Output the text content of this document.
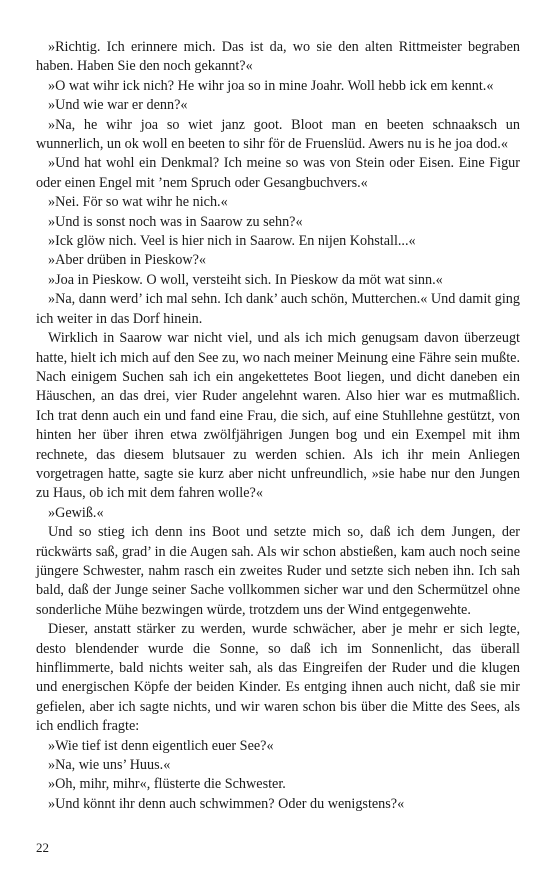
»Richtig. Ich erinnere mich. Das ist da, wo sie den alten Rittmeister begraben haben. Haben Sie den noch gekannt?«

»O wat wihr ick nich? He wihr joa so in mine Joahr. Woll hebb ick em kennt.«

»Und wie war er denn?«

»Na, he wihr joa so wiet janz goot. Bloot man en beeten schnaaksch un wunnerlich, un ok woll en beeten to sihr för de Fruenslüd. Awers nu is he joa dod.«

»Und hat wohl ein Denkmal? Ich meine so was von Stein oder Eisen. Eine Figur oder einen Engel mit ’nem Spruch oder Gesangbuchvers.«

»Nei. För so wat wihr he nich.«

»Und is sonst noch was in Saarow zu sehn?«

»Ick glöw nich. Veel is hier nich in Saarow. En nijen Kohstall...«

»Aber drüben in Pieskow?«

»Joa in Pieskow. O woll, versteiht sich. In Pieskow da möt wat sinn.«

»Na, dann werd’ ich mal sehn. Ich dank’ auch schön, Mutterchen.« Und damit ging ich weiter in das Dorf hinein.

Wirklich in Saarow war nicht viel, und als ich mich genugsam davon überzeugt hatte, hielt ich mich auf den See zu, wo nach meiner Meinung eine Fähre sein mußte. Nach einigem Suchen sah ich ein angekettetes Boot liegen, und dicht daneben ein Häuschen, an das drei, vier Ruder angelehnt waren. Also hier war es mutmaßlich. Ich trat denn auch ein und fand eine Frau, die sich, auf eine Stuhllehne gestützt, von hinten her über ihren etwa zwölfjährigen Jungen bog und ein Exempel mit ihm rechnete, das diesem blutsauer zu werden schien. Als ich ihr mein Anliegen vorgetragen hatte, sagte sie kurz aber nicht unfreundlich, »sie habe nur den Jungen zu Haus, ob ich mit dem fahren wolle?«

»Gewiß.«

Und so stieg ich denn ins Boot und setzte mich so, daß ich dem Jungen, der rückwärts saß, grad’ in die Augen sah. Als wir schon abstießen, kam auch noch seine jüngere Schwester, nahm rasch ein zweites Ruder und setzte sich neben ihn. Ich sah bald, daß der Junge seiner Sache vollkommen sicher war und den Schermützel ohne sonderliche Mühe bezwingen würde, trotzdem uns der Wind entgegenwehte.

Dieser, anstatt stärker zu werden, wurde schwächer, aber je mehr er sich legte, desto blendender wurde die Sonne, so daß ich im Sonnenlicht, das überall hinflimmerte, bald nichts weiter sah, als das Eingreifen der Ruder und die klugen und energischen Köpfe der beiden Kinder. Es entging ihnen auch nicht, daß sie mir gefielen, aber ich sagte nichts, und wir waren schon bis über die Mitte des Sees, als ich endlich fragte:

»Wie tief ist denn eigentlich euer See?«

»Na, wie uns’ Huus.«

»Oh, mihr, mihr«, flüsterte die Schwester.

»Und könnt ihr denn auch schwimmen? Oder du wenigstens?«

22
